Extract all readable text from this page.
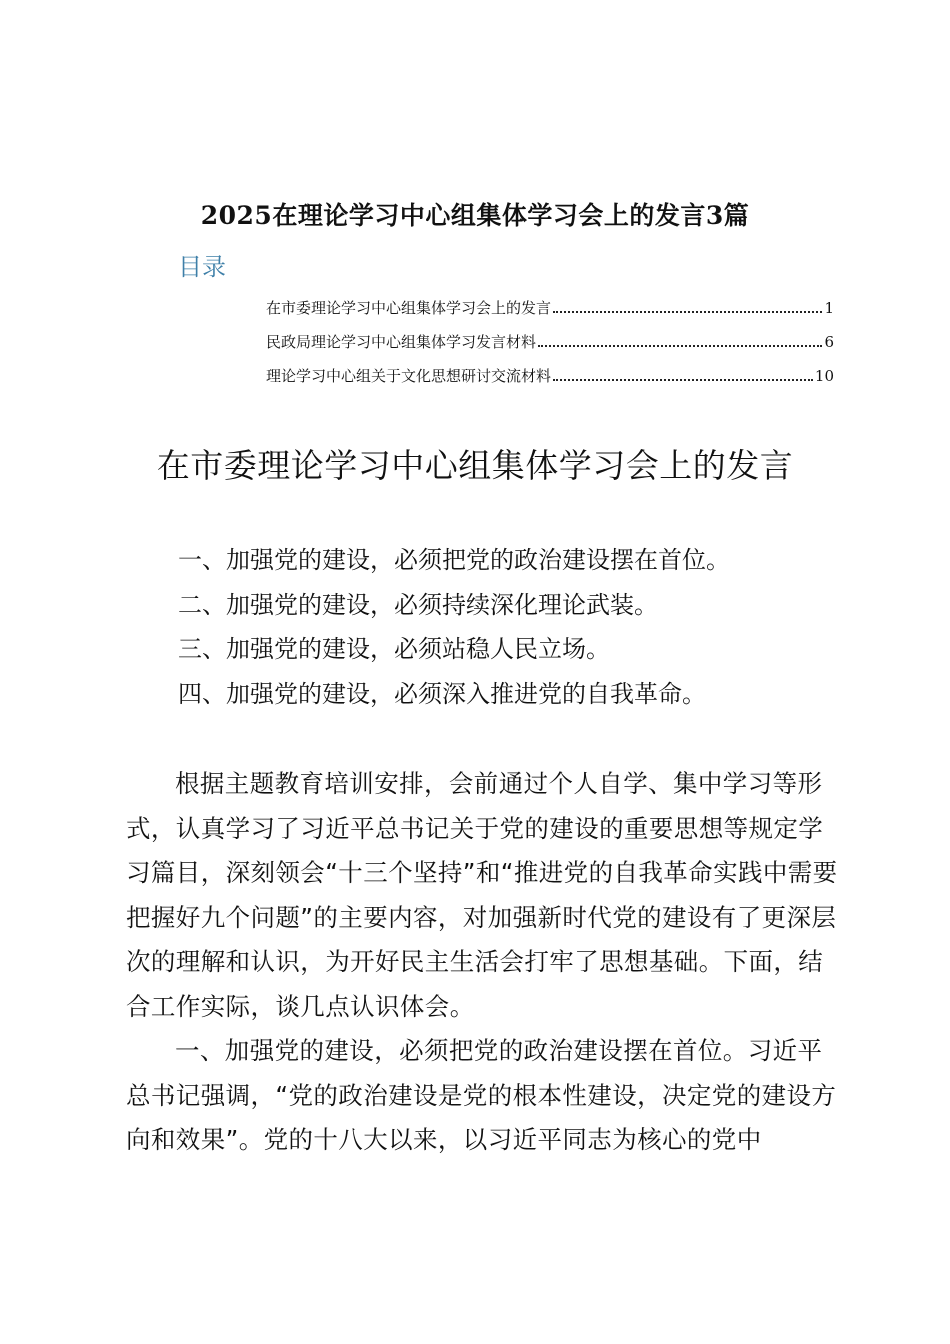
2025在理论学习中心组集体学习会上的发言3篇
目录
在市委理论学习中心组集体学习会上的发言	1
民政局理论学习中心组集体学习发言材料	6
理论学习中心组关于文化思想研讨交流材料	10
在市委理论学习中心组集体学习会上的发言
一、加强党的建设，必须把党的政治建设摆在首位。
二、加强党的建设，必须持续深化理论武装。
三、加强党的建设，必须站稳人民立场。
四、加强党的建设，必须深入推进党的自我革命。

根据主题教育培训安排，会前通过个人自学、集中学习等形式，认真学习了习近平总书记关于党的建设的重要思想等规定学习篇目，深刻领会“十三个坚持”和“推进党的自我革命实践中需要把握好九个问题”的主要内容，对加强新时代党的建设有了更深层次的理解和认识，为开好民主生活会打牢了思想基础。下面，结合工作实际，谈几点认识体会。

一、加强党的建设，必须把党的政治建设摆在首位。习近平总书记强调，“党的政治建设是党的根本性建设，决定党的建设方向和效果”。党的十八大以来，以习近平同志为核心的党中
